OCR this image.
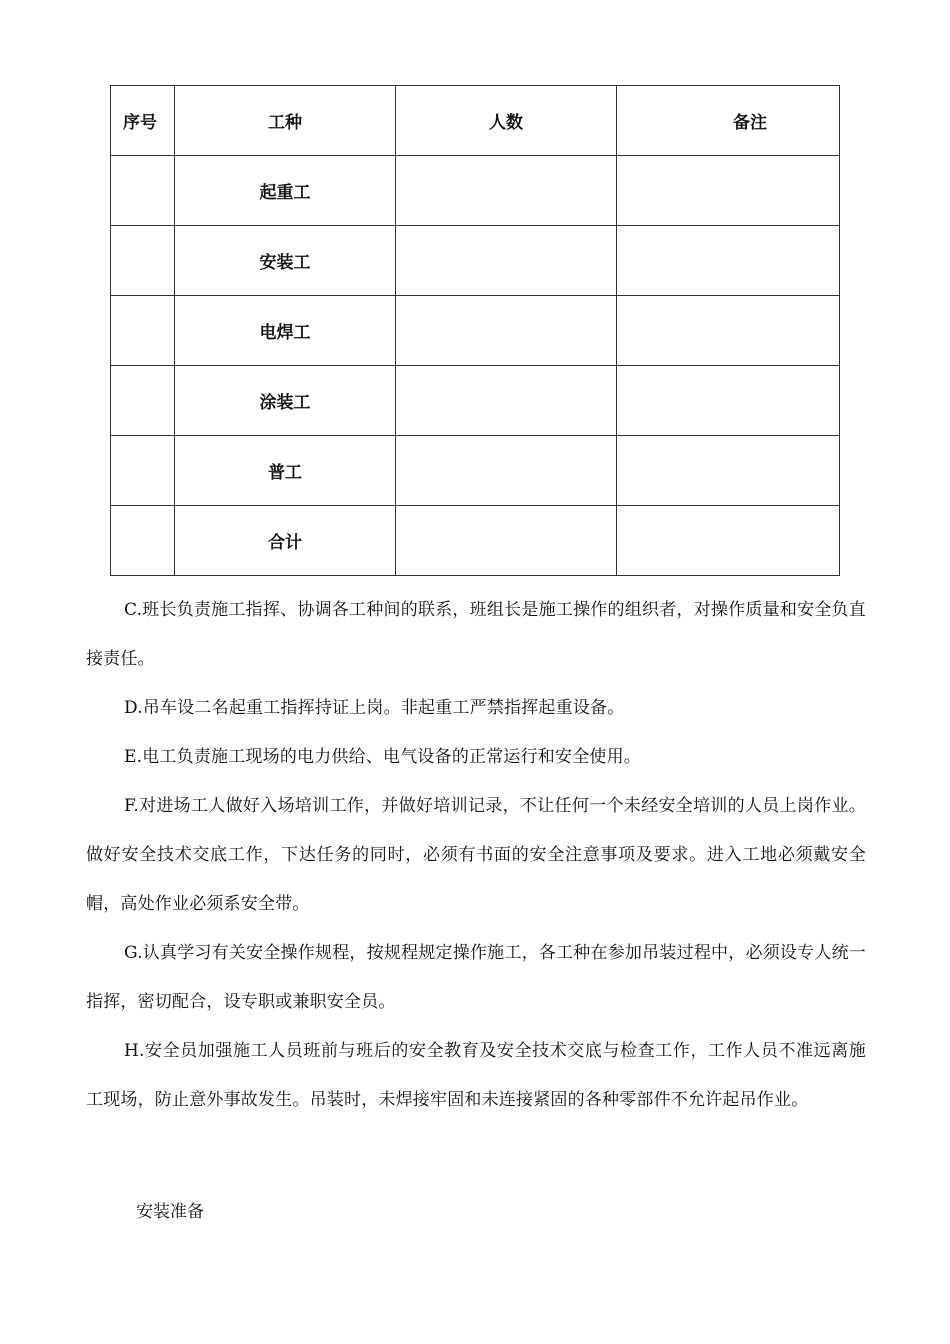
序号	工种	人数	备注
	起重工		
	安装工		
	电焊工		
	涂装工		
	普工		
	合计		

C.班长负责施工指挥、协调各工种间的联系，班组长是施工操作的组织者，对操作质量和安全负直接责任。

D.吊车设二名起重工指挥持证上岗。非起重工严禁指挥起重设备。

E.电工负责施工现场的电力供给、电气设备的正常运行和安全使用。

F.对进场工人做好入场培训工作，并做好培训记录，不让任何一个未经安全培训的人员上岗作业。做好安全技术交底工作，下达任务的同时，必须有书面的安全注意事项及要求。进入工地必须戴安全帽，高处作业必须系安全带。

G.认真学习有关安全操作规程，按规程规定操作施工，各工种在参加吊装过程中，必须设专人统一指挥，密切配合，设专职或兼职安全员。

H.安全员加强施工人员班前与班后的安全教育及安全技术交底与检查工作，工作人员不准远离施工现场，防止意外事故发生。吊装时，未焊接牢固和未连接紧固的各种零部件不允许起吊作业。

安装准备
